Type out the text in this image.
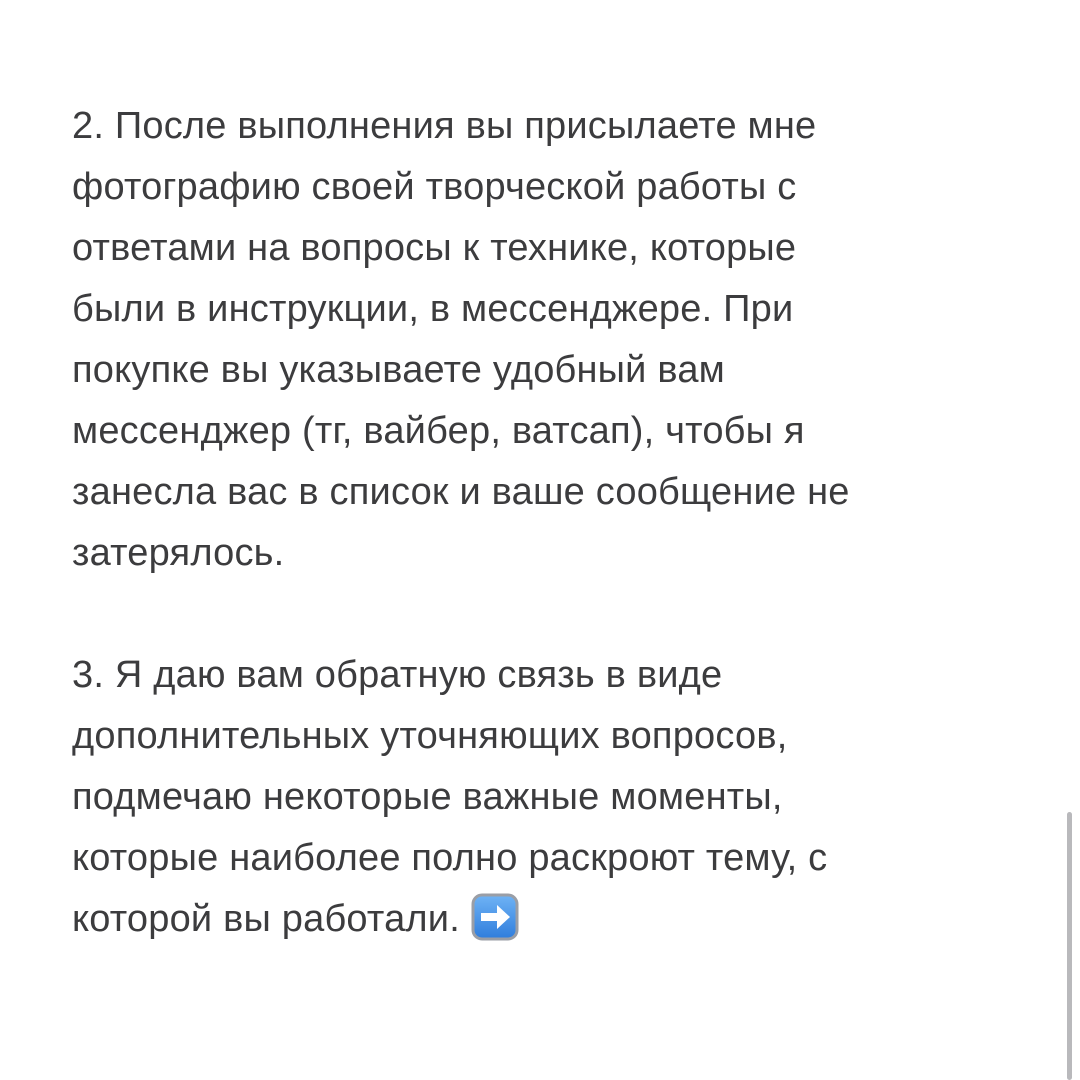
2. После выполнения вы присылаете мне
фотографию своей творческой работы с
ответами на вопросы к технике, которые
были в инструкции, в мессенджере. При
покупке вы указываете удобный вам
мессенджер (тг, вайбер, ватсап), чтобы я
занесла вас в список и ваше сообщение не
затерялось.
3. Я даю вам обратную связь в виде
дополнительных уточняющих вопросов,
подмечаю некоторые важные моменты,
которые наиболее полно раскроют тему, с
которой вы работали.
